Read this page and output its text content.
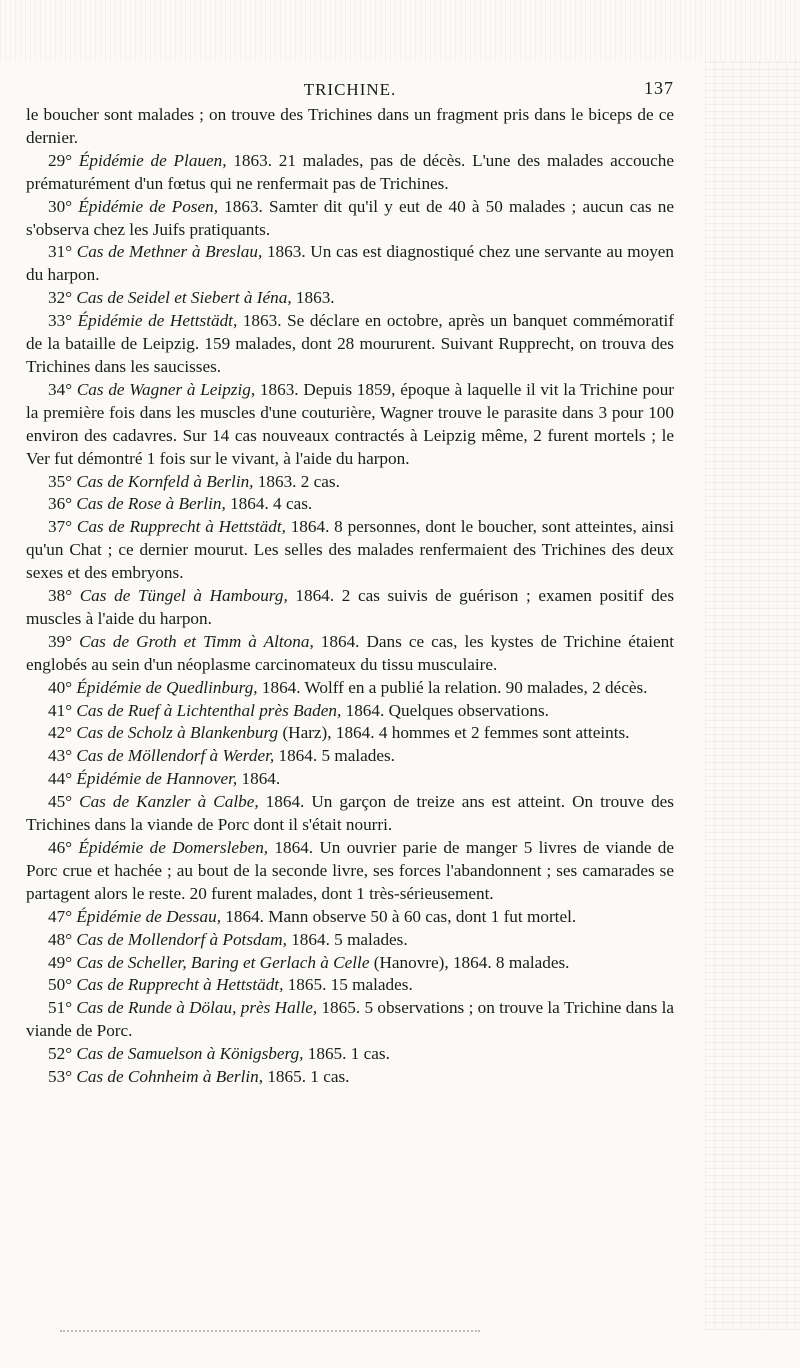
TRICHINE.	137

le boucher sont malades ; on trouve des Trichines dans un fragment pris dans le biceps de ce dernier.

29° Épidémie de Plauen, 1863. 21 malades, pas de décès. L'une des malades accouche prématurément d'un fœtus qui ne renfermait pas de Trichines.

30° Épidémie de Posen, 1863. Samter dit qu'il y eut de 40 à 50 malades ; aucun cas ne s'observa chez les Juifs pratiquants.

31° Cas de Methner à Breslau, 1863. Un cas est diagnostiqué chez une servante au moyen du harpon.

32° Cas de Seidel et Siebert à Iéna, 1863.

33° Épidémie de Hettstädt, 1863. Se déclare en octobre, après un banquet commémoratif de la bataille de Leipzig. 159 malades, dont 28 moururent. Suivant Rupprecht, on trouva des Trichines dans les saucisses.

34° Cas de Wagner à Leipzig, 1863. Depuis 1859, époque à laquelle il vit la Trichine pour la première fois dans les muscles d'une couturière, Wagner trouve le parasite dans 3 pour 100 environ des cadavres. Sur 14 cas nouveaux contractés à Leipzig même, 2 furent mortels ; le Ver fut démontré 1 fois sur le vivant, à l'aide du harpon.

35° Cas de Kornfeld à Berlin, 1863. 2 cas.

36° Cas de Rose à Berlin, 1864. 4 cas.

37° Cas de Rupprecht à Hettstädt, 1864. 8 personnes, dont le boucher, sont atteintes, ainsi qu'un Chat ; ce dernier mourut. Les selles des malades renfermaient des Trichines des deux sexes et des embryons.

38° Cas de Tüngel à Hambourg, 1864. 2 cas suivis de guérison ; examen positif des muscles à l'aide du harpon.

39° Cas de Groth et Timm à Altona, 1864. Dans ce cas, les kystes de Trichine étaient englobés au sein d'un néoplasme carcinomateux du tissu musculaire.

40° Épidémie de Quedlinburg, 1864. Wolff en a publié la relation. 90 malades, 2 décès.

41° Cas de Ruef à Lichtenthal près Baden, 1864. Quelques observations.

42° Cas de Scholz à Blankenburg (Harz), 1864. 4 hommes et 2 femmes sont atteints.

43° Cas de Möllendorf à Werder, 1864. 5 malades.

44° Épidémie de Hannover, 1864.

45° Cas de Kanzler à Calbe, 1864. Un garçon de treize ans est atteint. On trouve des Trichines dans la viande de Porc dont il s'était nourri.

46° Épidémie de Domersleben, 1864. Un ouvrier parie de manger 5 livres de viande de Porc crue et hachée ; au bout de la seconde livre, ses forces l'abandonnent ; ses camarades se partagent alors le reste. 20 furent malades, dont 1 très-sérieusement.

47° Épidémie de Dessau, 1864. Mann observe 50 à 60 cas, dont 1 fut mortel.

48° Cas de Mollendorf à Potsdam, 1864. 5 malades.

49° Cas de Scheller, Baring et Gerlach à Celle (Hanovre), 1864. 8 malades.

50° Cas de Rupprecht à Hettstädt, 1865. 15 malades.

51° Cas de Runde à Dölau, près Halle, 1865. 5 observations ; on trouve la Trichine dans la viande de Porc.

52° Cas de Samuelson à Königsberg, 1865. 1 cas.

53° Cas de Cohnheim à Berlin, 1865. 1 cas.
